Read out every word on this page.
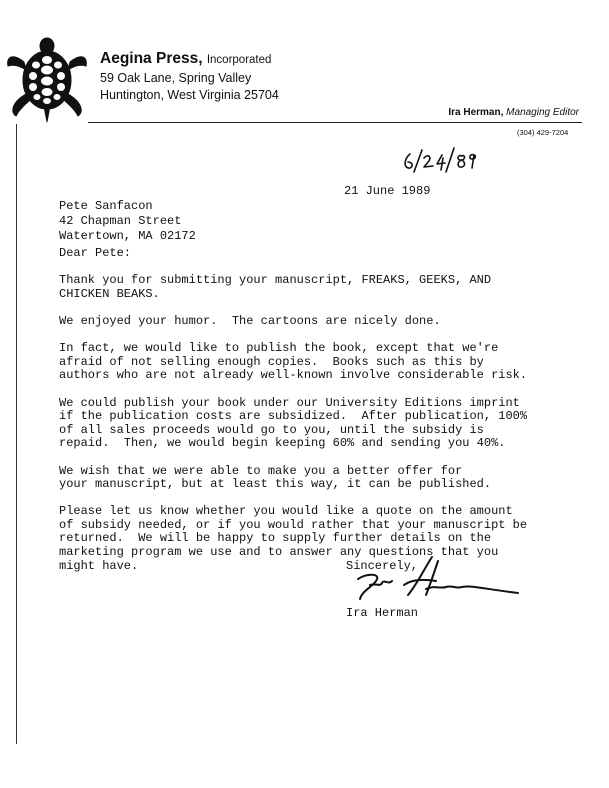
Aegina Press, Incorporated
59 Oak Lane, Spring Valley
Huntington, West Virginia 25704
Ira Herman, Managing Editor
(304) 429-7204
21 June 1989
Pete Sanfacon
42 Chapman Street
Watertown, MA 02172
Dear Pete:
Thank you for submitting your manuscript, FREAKS, GEEKS, AND
CHICKEN BEAKS.
We enjoyed your humor.  The cartoons are nicely done.
In fact, we would like to publish the book, except that we're
afraid of not selling enough copies.  Books such as this by
authors who are not already well-known involve considerable risk.
We could publish your book under our University Editions imprint
if the publication costs are subsidized.  After publication, 100%
of all sales proceeds would go to you, until the subsidy is
repaid.  Then, we would begin keeping 60% and sending you 40%.
We wish that we were able to make you a better offer for
your manuscript, but at least this way, it can be published.
Please let us know whether you would like a quote on the amount
of subsidy needed, or if you would rather that your manuscript be
returned.  We will be happy to supply further details on the
marketing program we use and to answer any questions that you
might have.	Sincerely,
Ira Herman
